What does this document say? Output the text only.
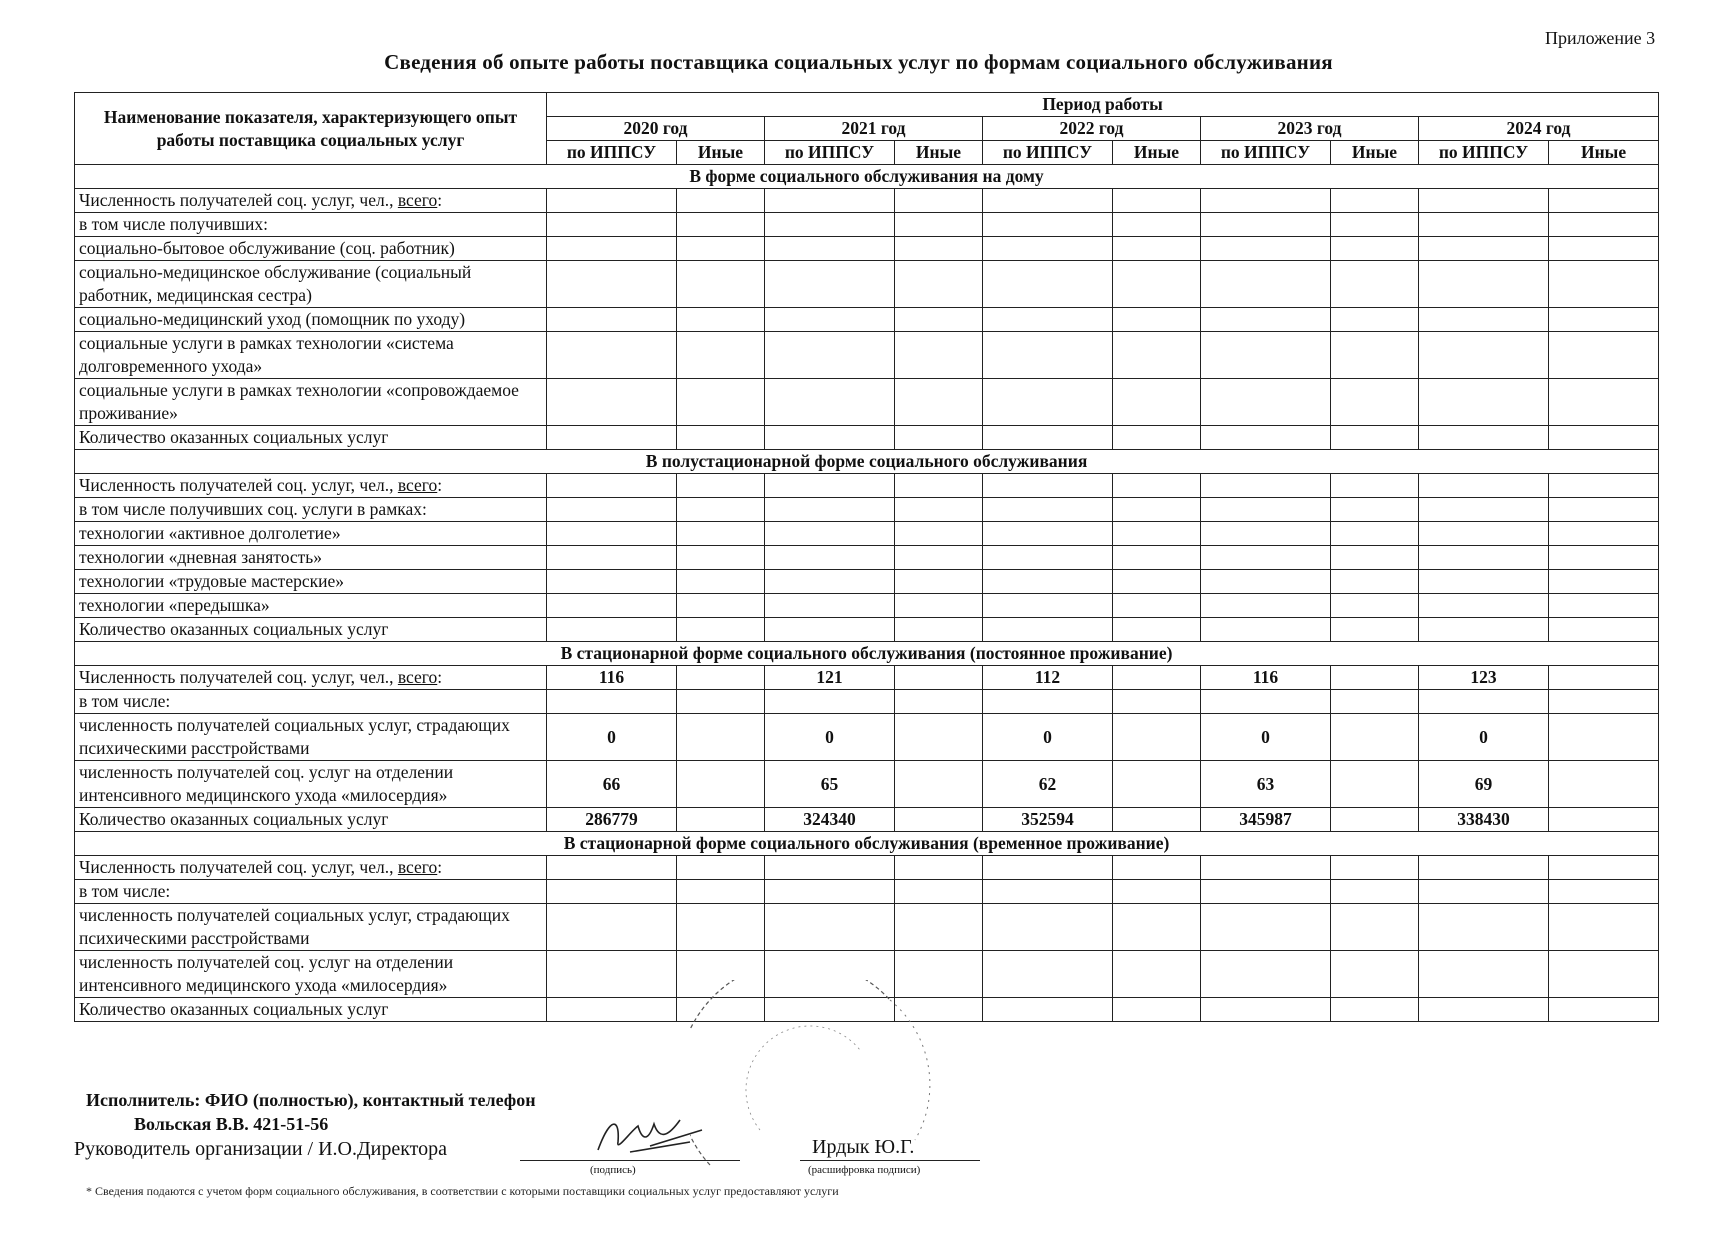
Приложение 3
Сведения об опыте работы поставщика социальных услуг по формам социального обслуживания
Наименование показателя, характеризующего опыт работы поставщика социальных услуг	Период работы									
	2020 год		2021 год		2022 год		2023 год		2024 год	
	по ИППСУ	Иные	по ИППСУ	Иные	по ИППСУ	Иные	по ИППСУ	Иные	по ИППСУ	Иные
В форме социального обслуживания на дому										
Численность получателей соц. услуг, чел., всего:										
в том числе получивших:										
социально-бытовое обслуживание (соц. работник)										
социально-медицинское обслуживание (социальный работник, медицинская сестра)										
социально-медицинский уход (помощник по уходу)										
социальные услуги в рамках технологии «система долговременного ухода»										
социальные услуги в рамках технологии «сопровождаемое проживание»										
Количество оказанных социальных услуг										
В полустационарной форме социального обслуживания										
Численность получателей соц. услуг, чел., всего:										
в том числе получивших соц. услуги в рамках:										
технологии «активное долголетие»										
технологии «дневная занятость»										
технологии «трудовые мастерские»										
технологии «передышка»										
Количество оказанных социальных услуг										
В стационарной форме социального обслуживания (постоянное проживание)										
Численность получателей соц. услуг, чел., всего:	116		121		112		116		123	
в том числе:										
численность получателей социальных услуг, страдающих психическими расстройствами	0		0		0		0		0	
численность получателей соц. услуг на отделении интенсивного медицинского ухода «милосердия»	66		65		62		63		69	
Количество оказанных социальных услуг	286779		324340		352594		345987		338430	
В стационарной форме социального обслуживания (временное проживание)										
Численность получателей соц. услуг, чел., всего:										
в том числе:										
численность получателей социальных услуг, страдающих психическими расстройствами										
численность получателей соц. услуг на отделении интенсивного медицинского ухода «милосердия»										
Количество оказанных социальных услуг										
Исполнитель: ФИО (полностью), контактный телефон
Вольская В.В. 421-51-56
Руководитель организации / И.О.Директора
(подпись)
Ирдык Ю.Г.
(расшифровка подписи)
* Сведения подаются с учетом форм социального обслуживания, в соответствии с которыми поставщики социальных услуг предоставляют услуги
